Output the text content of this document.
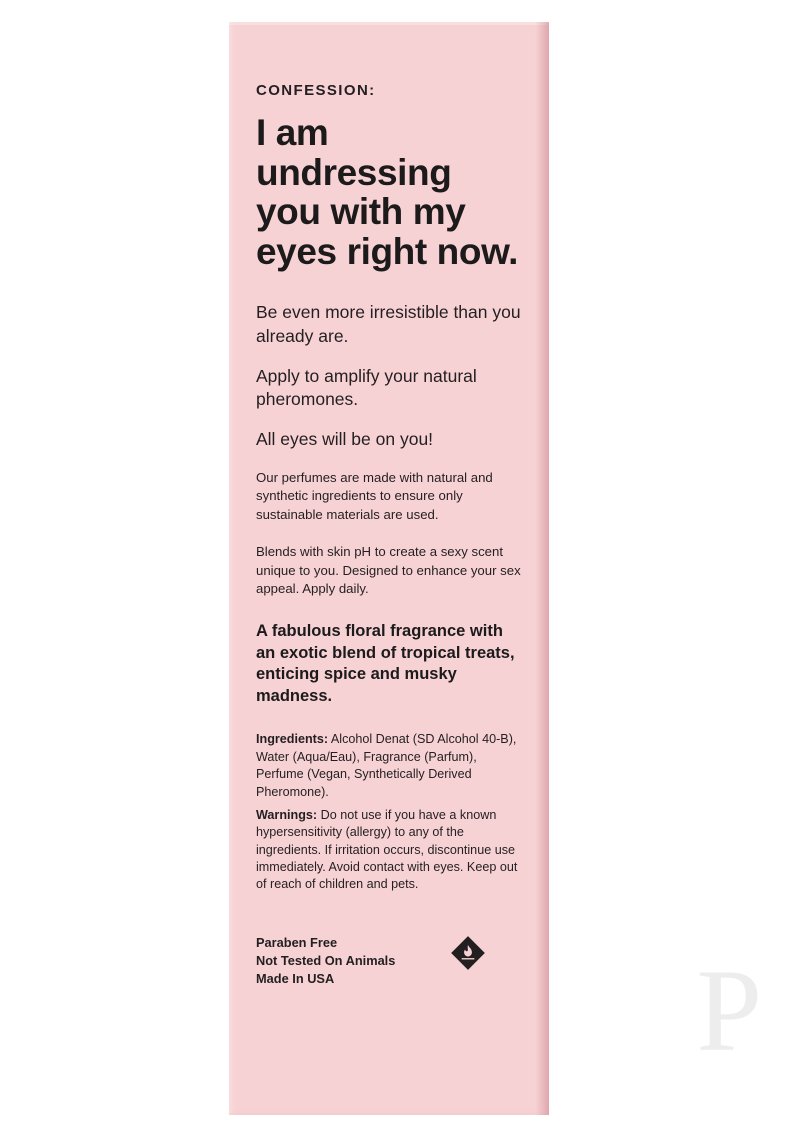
CONFESSION:

I am undressing you with my eyes right now.

Be even more irresistible than you already are.

Apply to amplify your natural pheromones.

All eyes will be on you!

Our perfumes are made with natural and synthetic ingredients to ensure only sustainable materials are used.

Blends with skin pH to create a sexy scent unique to you. Designed to enhance your sex appeal. Apply daily.

A fabulous floral fragrance with an exotic blend of tropical treats, enticing spice and musky madness.

Ingredients: Alcohol Denat (SD Alcohol 40-B), Water (Aqua/Eau), Fragrance (Parfum), Perfume (Vegan, Synthetically Derived Pheromone).

Warnings: Do not use if you have a known hypersensitivity (allergy) to any of the ingredients. If irritation occurs, discontinue use immediately. Avoid contact with eyes. Keep out of reach of children and pets.

Paraben Free
Not Tested On Animals
Made In USA	P
